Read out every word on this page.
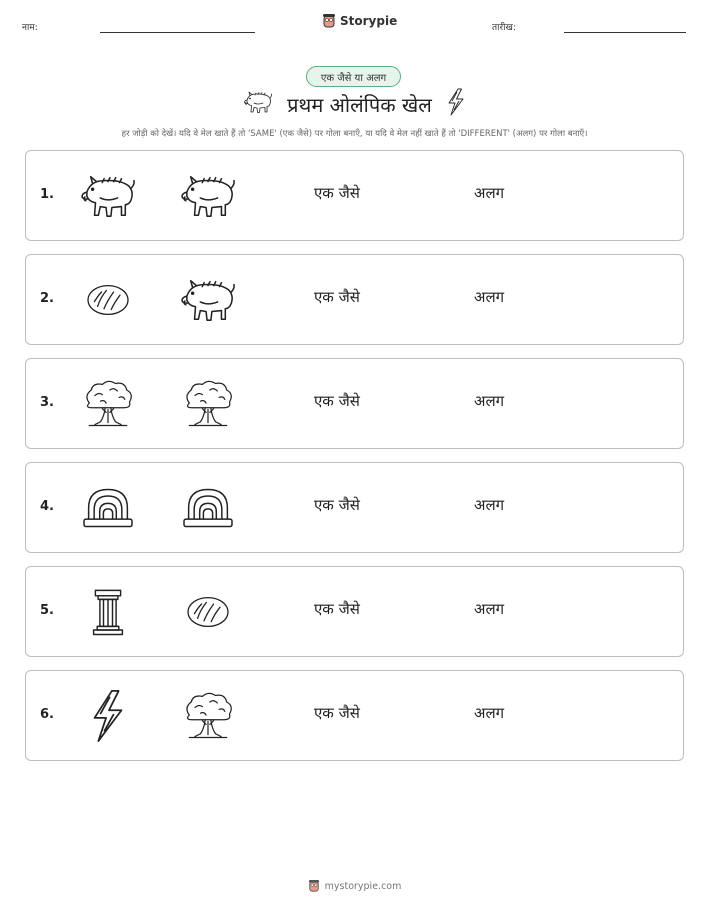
नाम:	Storypie	तारीख:
एक जैसे या अलग
प्रथम ओलंपिक खेल
हर जोड़ी को देखें। यदि वे मेल खाते हैं तो 'SAME' (एक जैसे) पर गोला बनाएँ, या यदि वे मेल नहीं खाते हैं तो 'DIFFERENT' (अलग) पर गोला बनाएँ।
1.	एक जैसे	अलग
2.	एक जैसे	अलग
3.	एक जैसे	अलग
4.	एक जैसे	अलग
5.	एक जैसे	अलग
6.	एक जैसे	अलग
mystorypie.com
